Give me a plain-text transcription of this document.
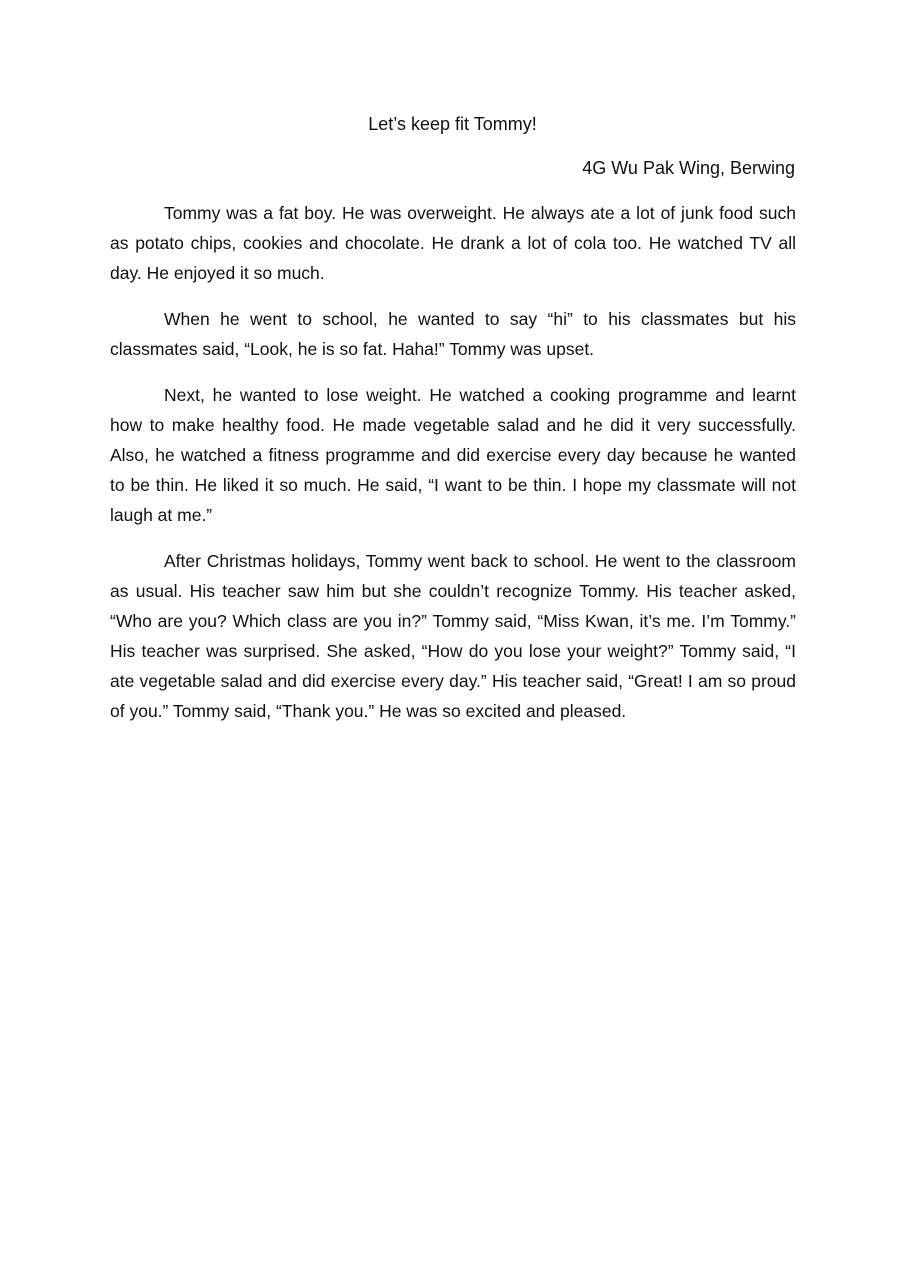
Let’s keep fit Tommy!
4G Wu Pak Wing, Berwing

Tommy was a fat boy. He was overweight. He always ate a lot of junk food such as potato chips, cookies and chocolate. He drank a lot of cola too. He watched TV all day. He enjoyed it so much.

When he went to school, he wanted to say “hi” to his classmates but his classmates said, “Look, he is so fat. Haha!” Tommy was upset.

Next, he wanted to lose weight. He watched a cooking programme and learnt how to make healthy food. He made vegetable salad and he did it very successfully. Also, he watched a fitness programme and did exercise every day because he wanted to be thin. He liked it so much. He said, “I want to be thin. I hope my classmate will not laugh at me.”

After Christmas holidays, Tommy went back to school. He went to the classroom as usual. His teacher saw him but she couldn’t recognize Tommy. His teacher asked, “Who are you? Which class are you in?” Tommy said, “Miss Kwan, it’s me. I’m Tommy.” His teacher was surprised. She asked, “How do you lose your weight?” Tommy said, “I ate vegetable salad and did exercise every day.” His teacher said, “Great! I am so proud of you.” Tommy said, “Thank you.” He was so excited and pleased.
